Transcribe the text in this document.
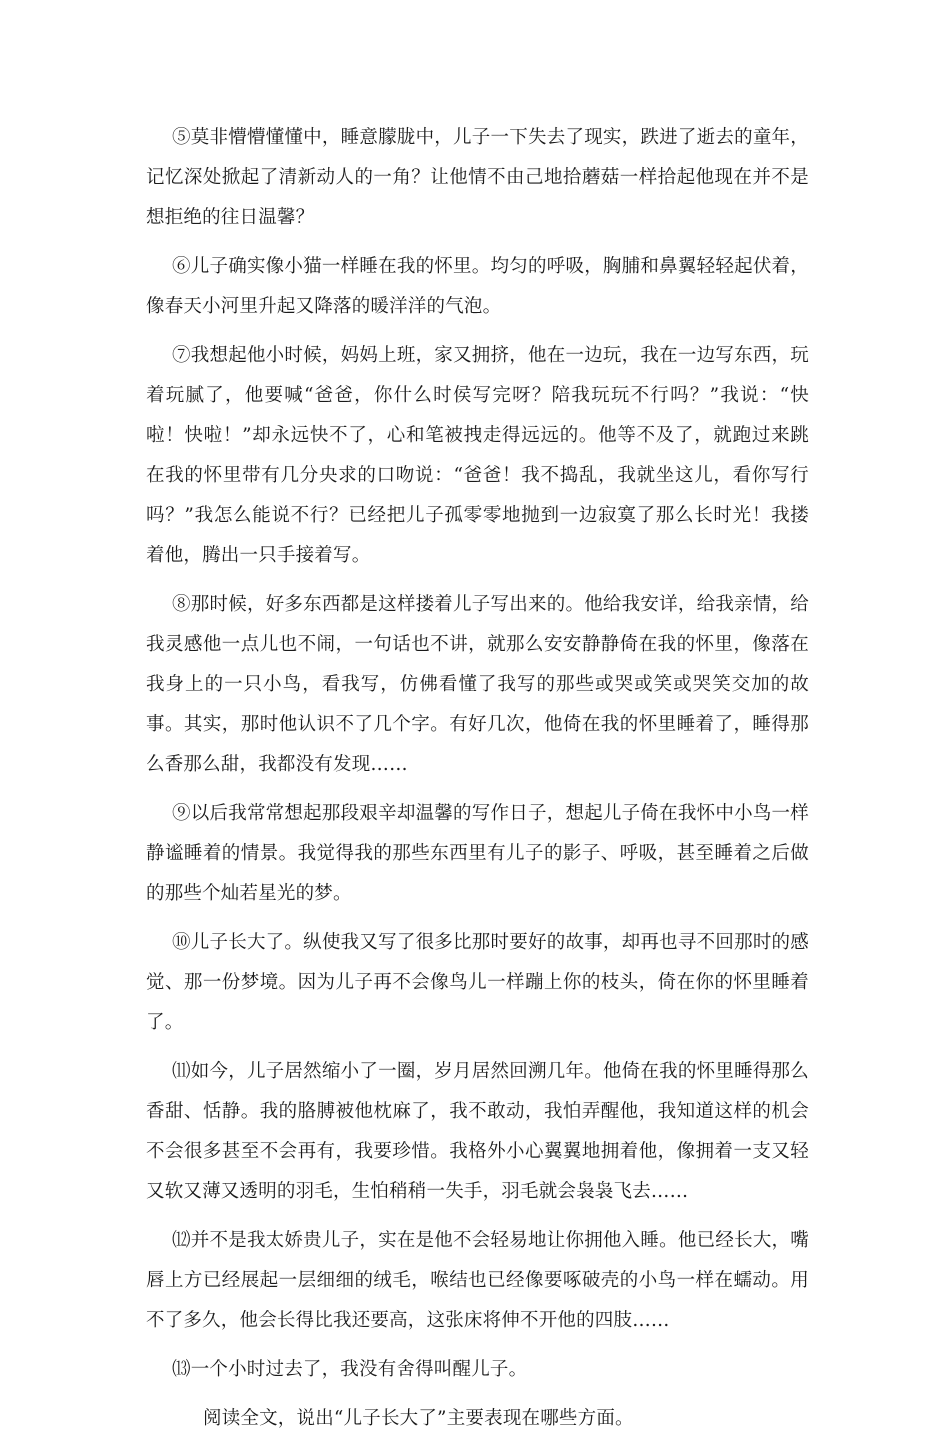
⑤莫非懵懵懂懂中，睡意朦胧中，儿子一下失去了现实，跌进了逝去的童年，记忆深处掀起了清新动人的一角？让他情不由己地拾蘑菇一样拾起他现在并不是想拒绝的往日温馨？

⑥儿子确实像小猫一样睡在我的怀里。均匀的呼吸，胸脯和鼻翼轻轻起伏着，像春天小河里升起又降落的暖洋洋的气泡。

⑦我想起他小时候，妈妈上班，家又拥挤，他在一边玩，我在一边写东西，玩着玩腻了，他要喊“爸爸，你什么时侯写完呀？陪我玩玩不行吗？”我说：“快啦！快啦！”却永远快不了，心和笔被拽走得远远的。他等不及了，就跑过来跳在我的怀里带有几分央求的口吻说：“爸爸！我不捣乱，我就坐这儿，看你写行吗？”我怎么能说不行？已经把儿子孤零零地抛到一边寂寞了那么长时光！我搂着他，腾出一只手接着写。

⑧那时候，好多东西都是这样搂着儿子写出来的。他给我安详，给我亲情，给我灵感他一点儿也不闹，一句话也不讲，就那么安安静静倚在我的怀里，像落在我身上的一只小鸟，看我写，仿佛看懂了我写的那些或哭或笑或哭笑交加的故事。其实，那时他认识不了几个字。有好几次，他倚在我的怀里睡着了，睡得那么香那么甜，我都没有发现……

⑨以后我常常想起那段艰辛却温馨的写作日子，想起儿子倚在我怀中小鸟一样静谧睡着的情景。我觉得我的那些东西里有儿子的影子、呼吸，甚至睡着之后做的那些个灿若星光的梦。

⑩儿子长大了。纵使我又写了很多比那时要好的故事，却再也寻不回那时的感觉、那一份梦境。因为儿子再不会像鸟儿一样蹦上你的枝头，倚在你的怀里睡着了。

⑾如今，儿子居然缩小了一圈，岁月居然回溯几年。他倚在我的怀里睡得那么香甜、恬静。我的胳膊被他枕麻了，我不敢动，我怕弄醒他，我知道这样的机会不会很多甚至不会再有，我要珍惜。我格外小心翼翼地拥着他，像拥着一支又轻又软又薄又透明的羽毛，生怕稍稍一失手，羽毛就会袅袅飞去……

⑿并不是我太娇贵儿子，实在是他不会轻易地让你拥他入睡。他已经长大，嘴唇上方已经展起一层细细的绒毛，喉结也已经像要啄破壳的小鸟一样在蠕动。用不了多久，他会长得比我还要高，这张床将伸不开他的四肢……

⒀一个小时过去了，我没有舍得叫醒儿子。

阅读全文，说出“儿子长大了”主要表现在哪些方面。
